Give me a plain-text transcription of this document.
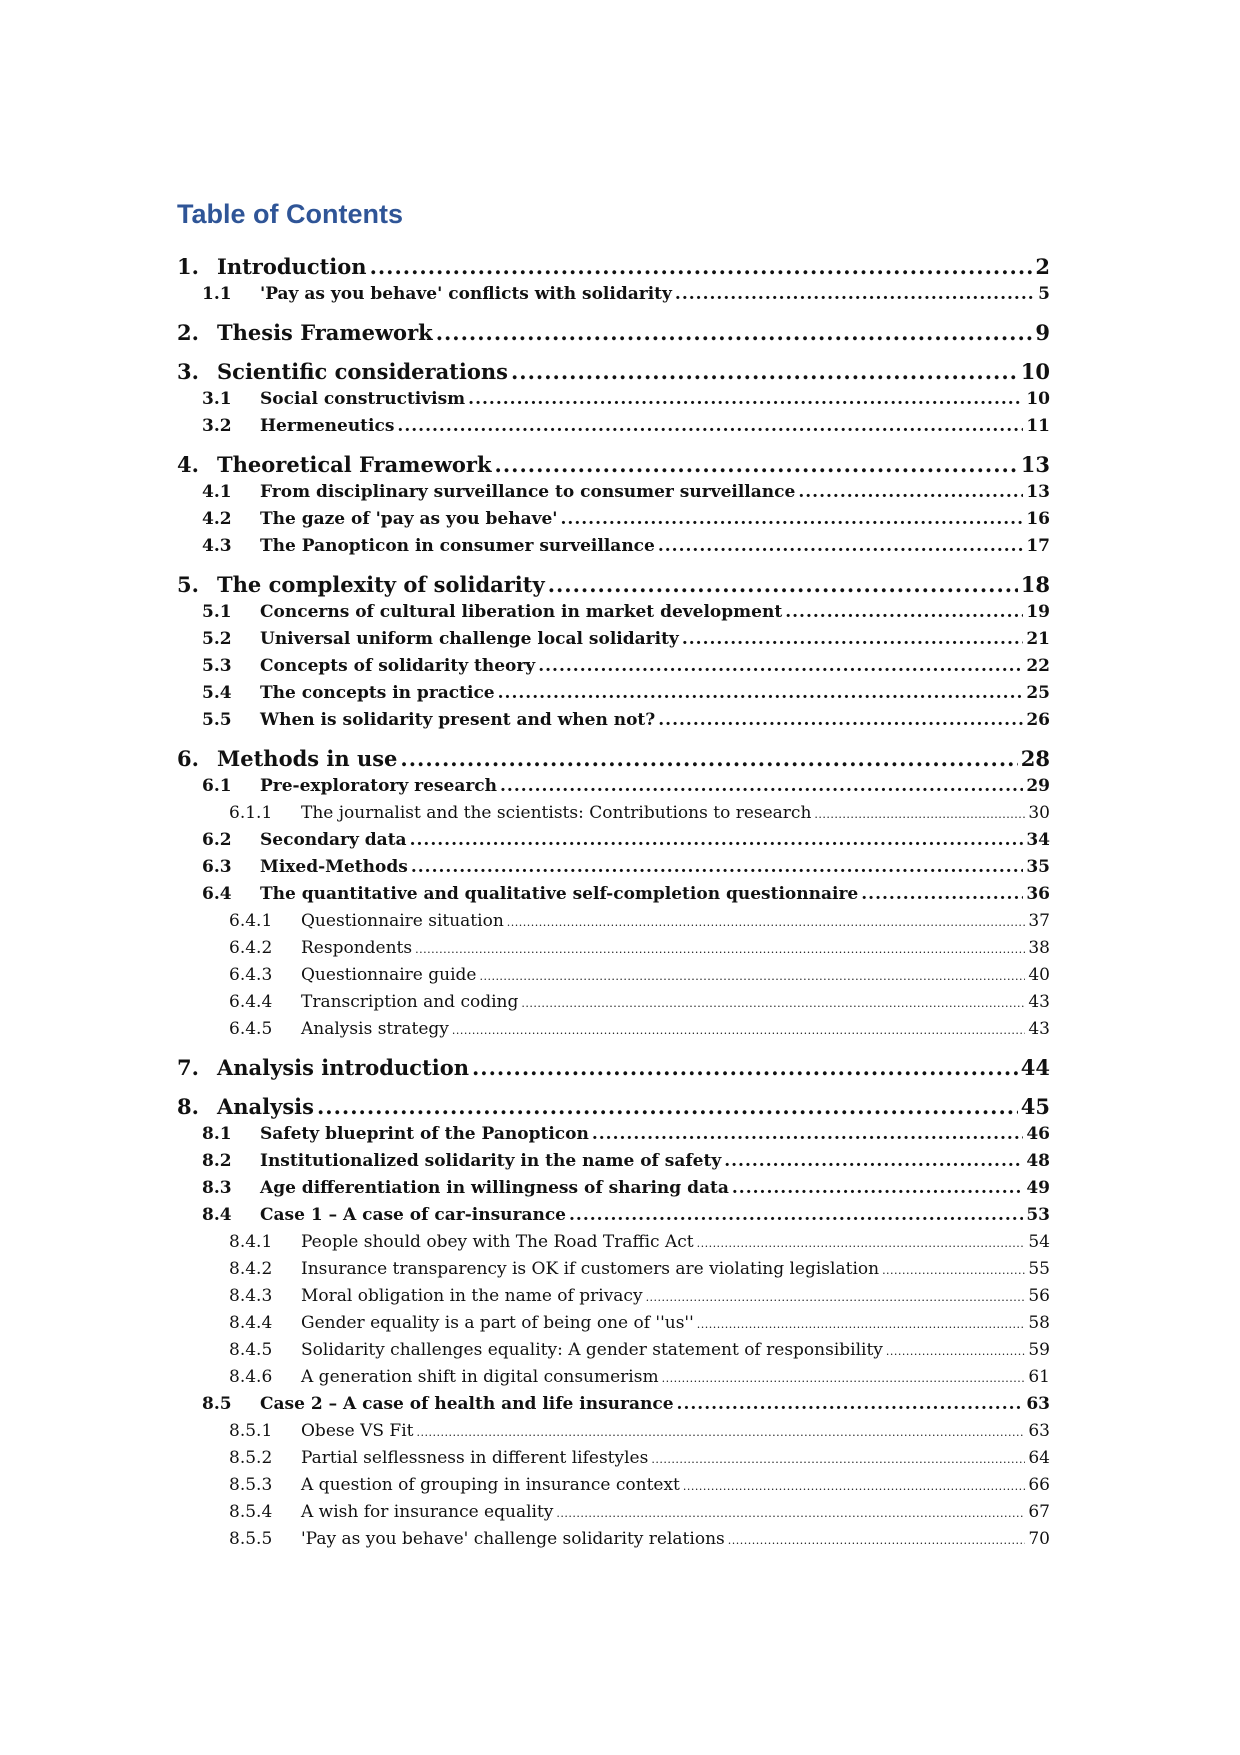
Table of Contents
1. Introduction .....	2
1.1	'Pay as you behave' conflicts with solidarity .....	5
2. Thesis Framework .....	9
3. Scientific considerations .....	10
3.1	Social constructivism .....	10
3.2	Hermeneutics .....	11
4. Theoretical Framework .....	13
4.1	From disciplinary surveillance to consumer surveillance .....	13
4.2	The gaze of 'pay as you behave' .....	16
4.3	The Panopticon in consumer surveillance .....	17
5. The complexity of solidarity .....	18
5.1	Concerns of cultural liberation in market development .....	19
5.2	Universal uniform challenge local solidarity .....	21
5.3	Concepts of solidarity theory .....	22
5.4	The concepts in practice .....	25
5.5	When is solidarity present and when not? .....	26
6. Methods in use .....	28
6.1	Pre-exploratory research .....	29
6.1.1	The journalist and the scientists: Contributions to research .....	30
6.2	Secondary data .....	34
6.3	Mixed-Methods .....	35
6.4	The quantitative and qualitative self-completion questionnaire .....	36
6.4.1	Questionnaire situation .....	37
6.4.2	Respondents .....	38
6.4.3	Questionnaire guide .....	40
6.4.4	Transcription and coding .....	43
6.4.5	Analysis strategy .....	43
7. Analysis introduction .....	44
8. Analysis .....	45
8.1	Safety blueprint of the Panopticon .....	46
8.2	Institutionalized solidarity in the name of safety .....	48
8.3	Age differentiation in willingness of sharing data .....	49
8.4	Case 1 – A case of car-insurance .....	53
8.4.1	People should obey with The Road Traffic Act .....	54
8.4.2	Insurance transparency is OK if customers are violating legislation .....	55
8.4.3	Moral obligation in the name of privacy .....	56
8.4.4	Gender equality is a part of being one of ''us'' .....	58
8.4.5	Solidarity challenges equality: A gender statement of responsibility .....	59
8.4.6	A generation shift in digital consumerism .....	61
8.5	Case 2 – A case of health and life insurance .....	63
8.5.1	Obese VS Fit .....	63
8.5.2	Partial selflessness in different lifestyles .....	64
8.5.3	A question of grouping in insurance context .....	66
8.5.4	A wish for insurance equality .....	67
8.5.5	'Pay as you behave' challenge solidarity relations .....	70
